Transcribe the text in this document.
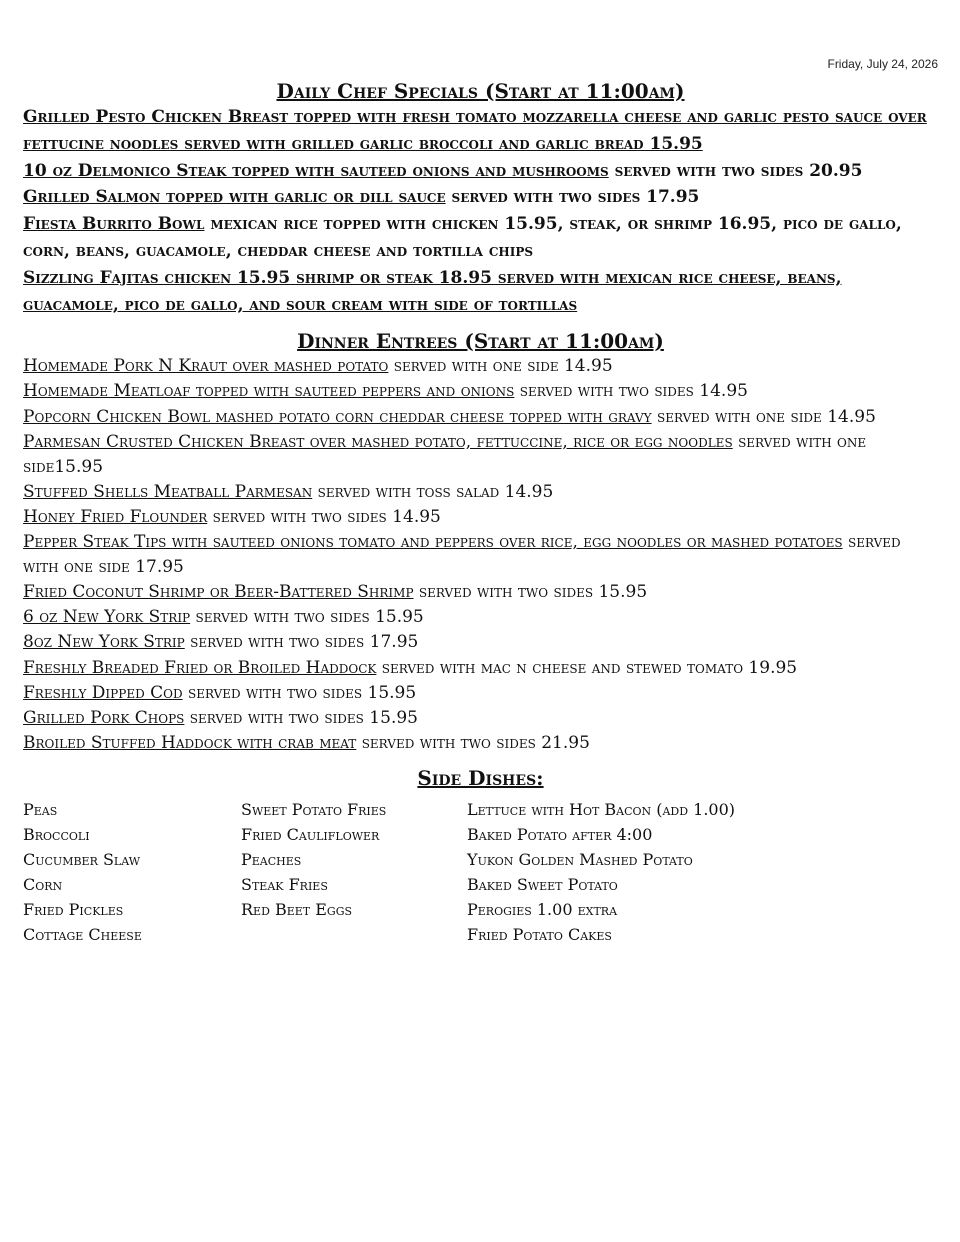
Friday, July 24, 2026
Daily Chef Specials (Start at 11:00am)

Grilled Pesto Chicken Breast topped with fresh tomato mozzarella cheese and garlic pesto sauce over fettucine noodles served with grilled garlic broccoli and garlic bread 15.95

10 oz Delmonico Steak topped with sauteed onions and mushrooms served with two sides 20.95

Grilled Salmon topped with garlic or dill sauce served with two sides 17.95

Fiesta Burrito Bowl mexican rice topped with chicken 15.95, steak, or shrimp 16.95, pico de gallo, corn, beans, guacamole, cheddar cheese and tortilla chips

Sizzling Fajitas chicken 15.95 shrimp or steak 18.95 served with mexican rice cheese, beans, guacamole, pico de gallo, and sour cream with side of tortillas

Dinner Entrees (Start at 11:00am)

Homemade Pork N Kraut over mashed potato served with one side 14.95

Homemade Meatloaf topped with sauteed peppers and onions served with two sides 14.95

Popcorn Chicken Bowl mashed potato corn cheddar cheese topped with gravy served with one side 14.95

Parmesan Crusted Chicken Breast over mashed potato, fettuccine, rice or egg noodles served with one side15.95

Stuffed Shells Meatball Parmesan served with toss salad 14.95

Honey Fried Flounder served with two sides 14.95

Pepper Steak Tips with sauteed onions tomato and peppers over rice, egg noodles or mashed potatoes served with one side 17.95

Fried Coconut Shrimp or Beer-Battered Shrimp served with two sides 15.95

6 oz New York Strip served with two sides 15.95

8oz New York Strip served with two sides 17.95

Freshly Breaded Fried or Broiled Haddock served with mac n cheese and stewed tomato 19.95

Freshly Dipped Cod served with two sides 15.95

Grilled Pork Chops served with two sides 15.95

Broiled Stuffed Haddock with crab meat served with two sides 21.95

Side Dishes:
Peas
Broccoli
Cucumber Slaw
Corn
Fried Pickles
Cottage Cheese
Sweet Potato Fries
Fried Cauliflower
Peaches
Steak Fries
Red Beet Eggs
Lettuce with Hot Bacon (add 1.00)
Baked Potato after 4:00
Yukon Golden Mashed Potato
Baked Sweet Potato
Perogies 1.00 extra
Fried Potato Cakes
